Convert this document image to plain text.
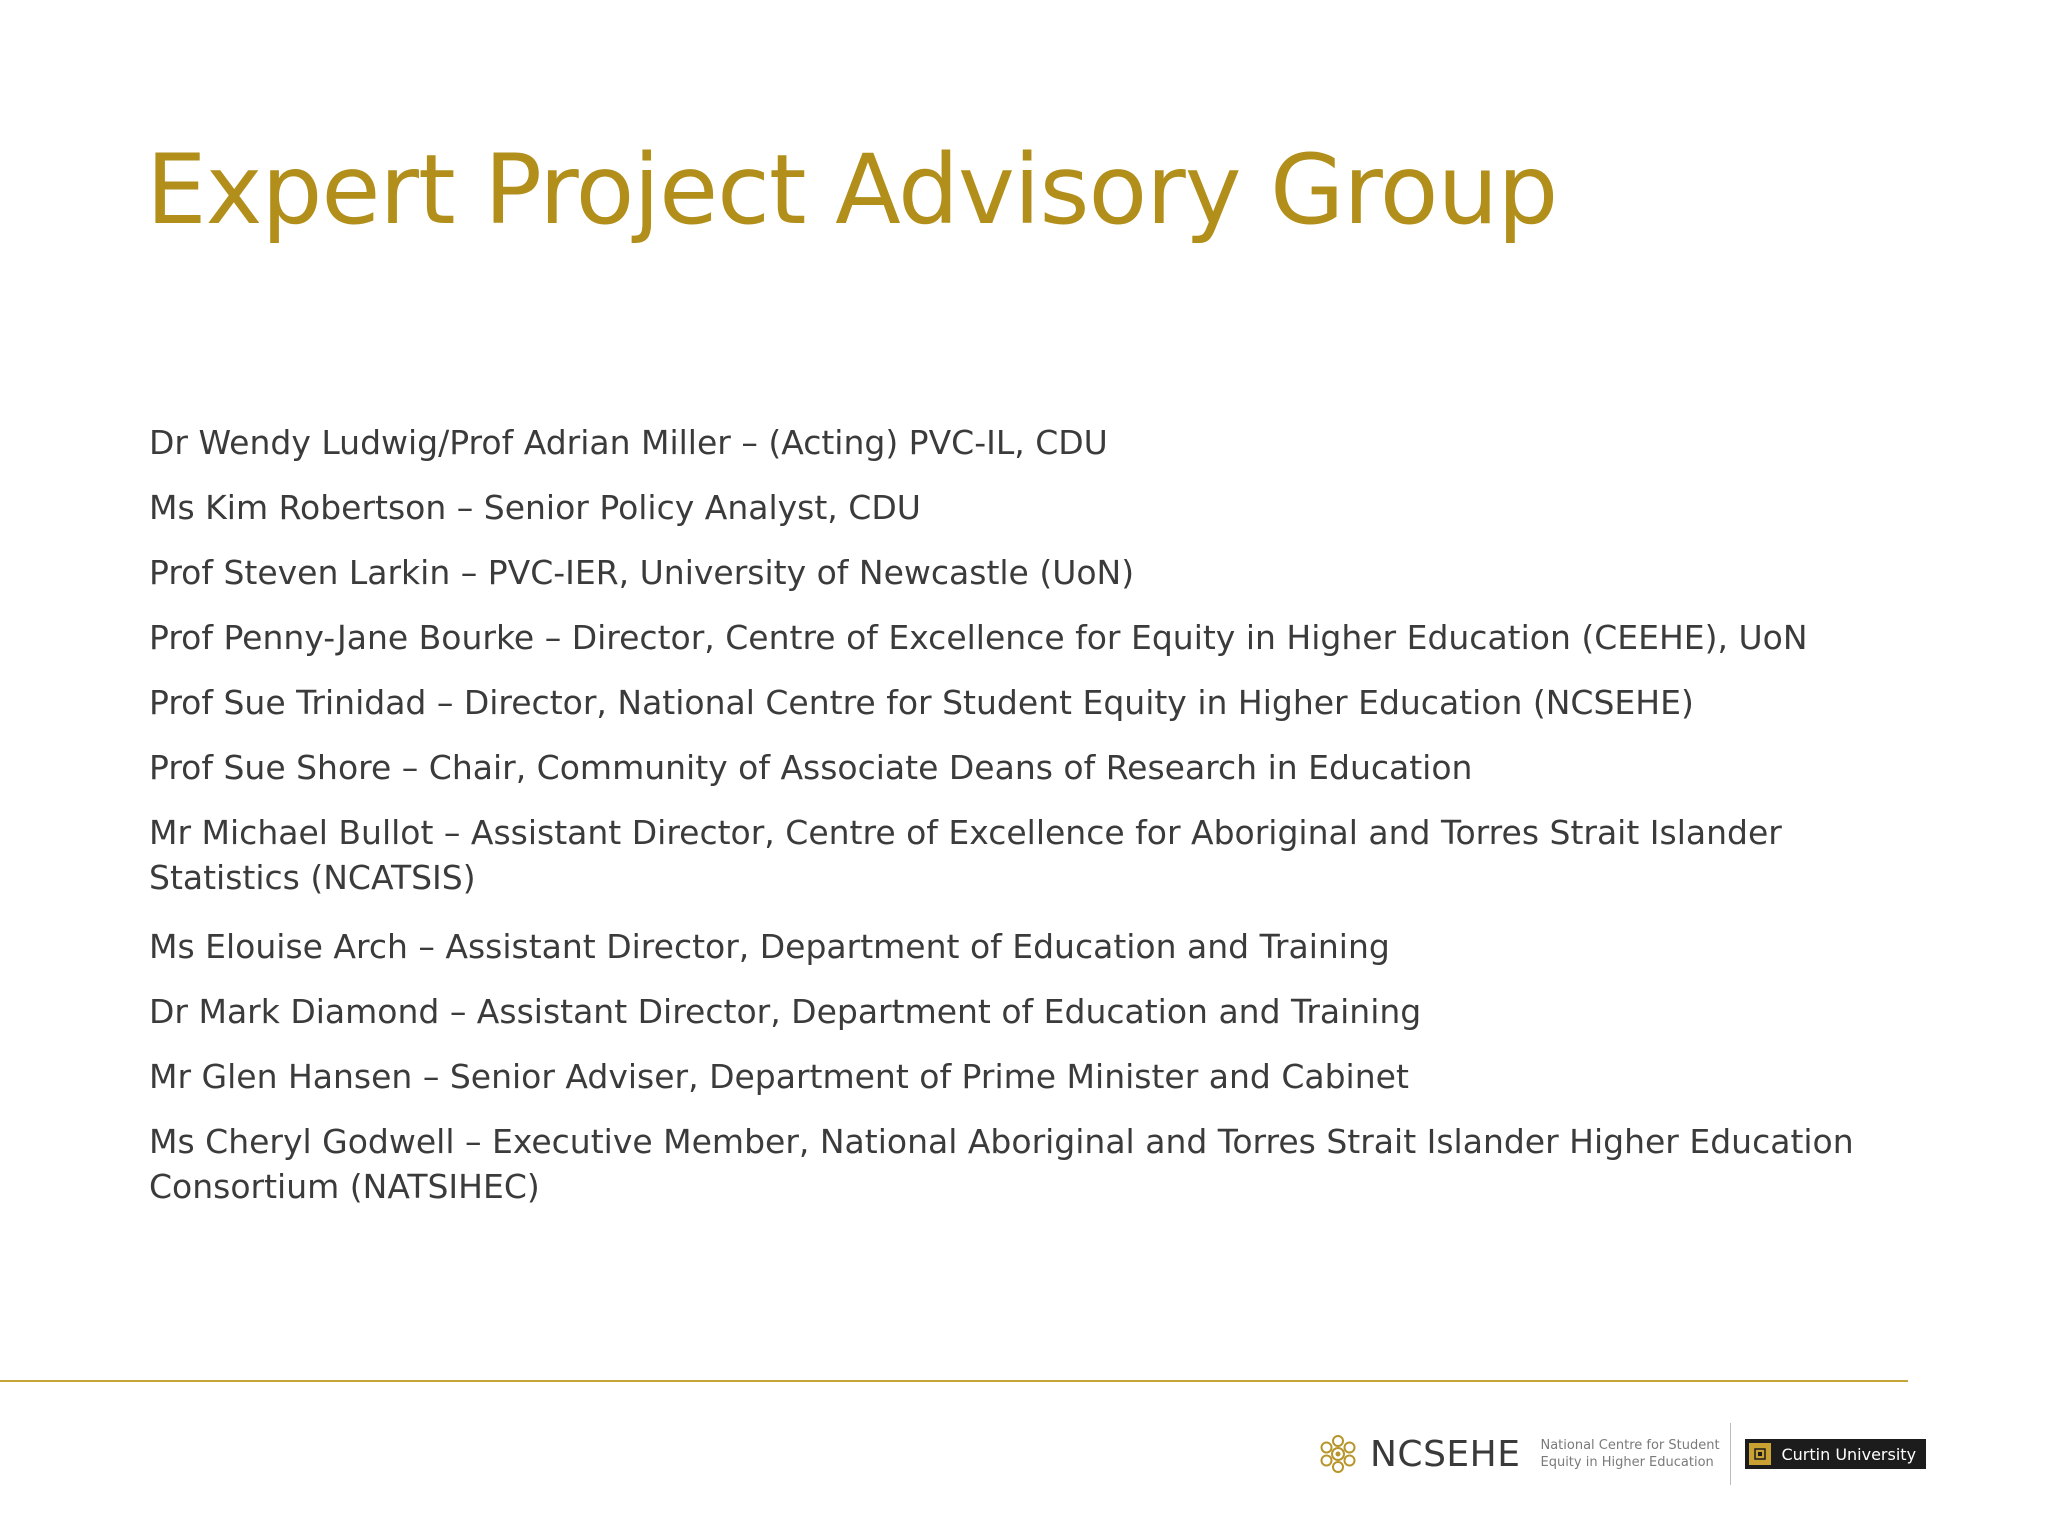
Expert Project Advisory Group
Dr Wendy Ludwig/Prof Adrian Miller – (Acting) PVC-IL, CDU
Ms Kim Robertson – Senior Policy Analyst, CDU
Prof Steven Larkin – PVC-IER, University of Newcastle (UoN)
Prof Penny-Jane Bourke – Director, Centre of Excellence for Equity in Higher Education (CEEHE), UoN
Prof Sue Trinidad – Director, National Centre for Student Equity in Higher Education (NCSEHE)
Prof Sue Shore – Chair, Community of Associate Deans of Research in Education
Mr Michael Bullot – Assistant Director, Centre of Excellence for Aboriginal and Torres Strait Islander Statistics (NCATSIS)
Ms Elouise Arch – Assistant Director, Department of Education and Training
Dr Mark Diamond – Assistant Director, Department of Education and Training
Mr Glen Hansen – Senior Adviser, Department of Prime Minister and Cabinet
Ms Cheryl Godwell – Executive Member, National Aboriginal and Torres Strait Islander Higher Education Consortium (NATSIHEC)
NCSEHE National Centre for Student
Equity in Higher Education	Curtin University
